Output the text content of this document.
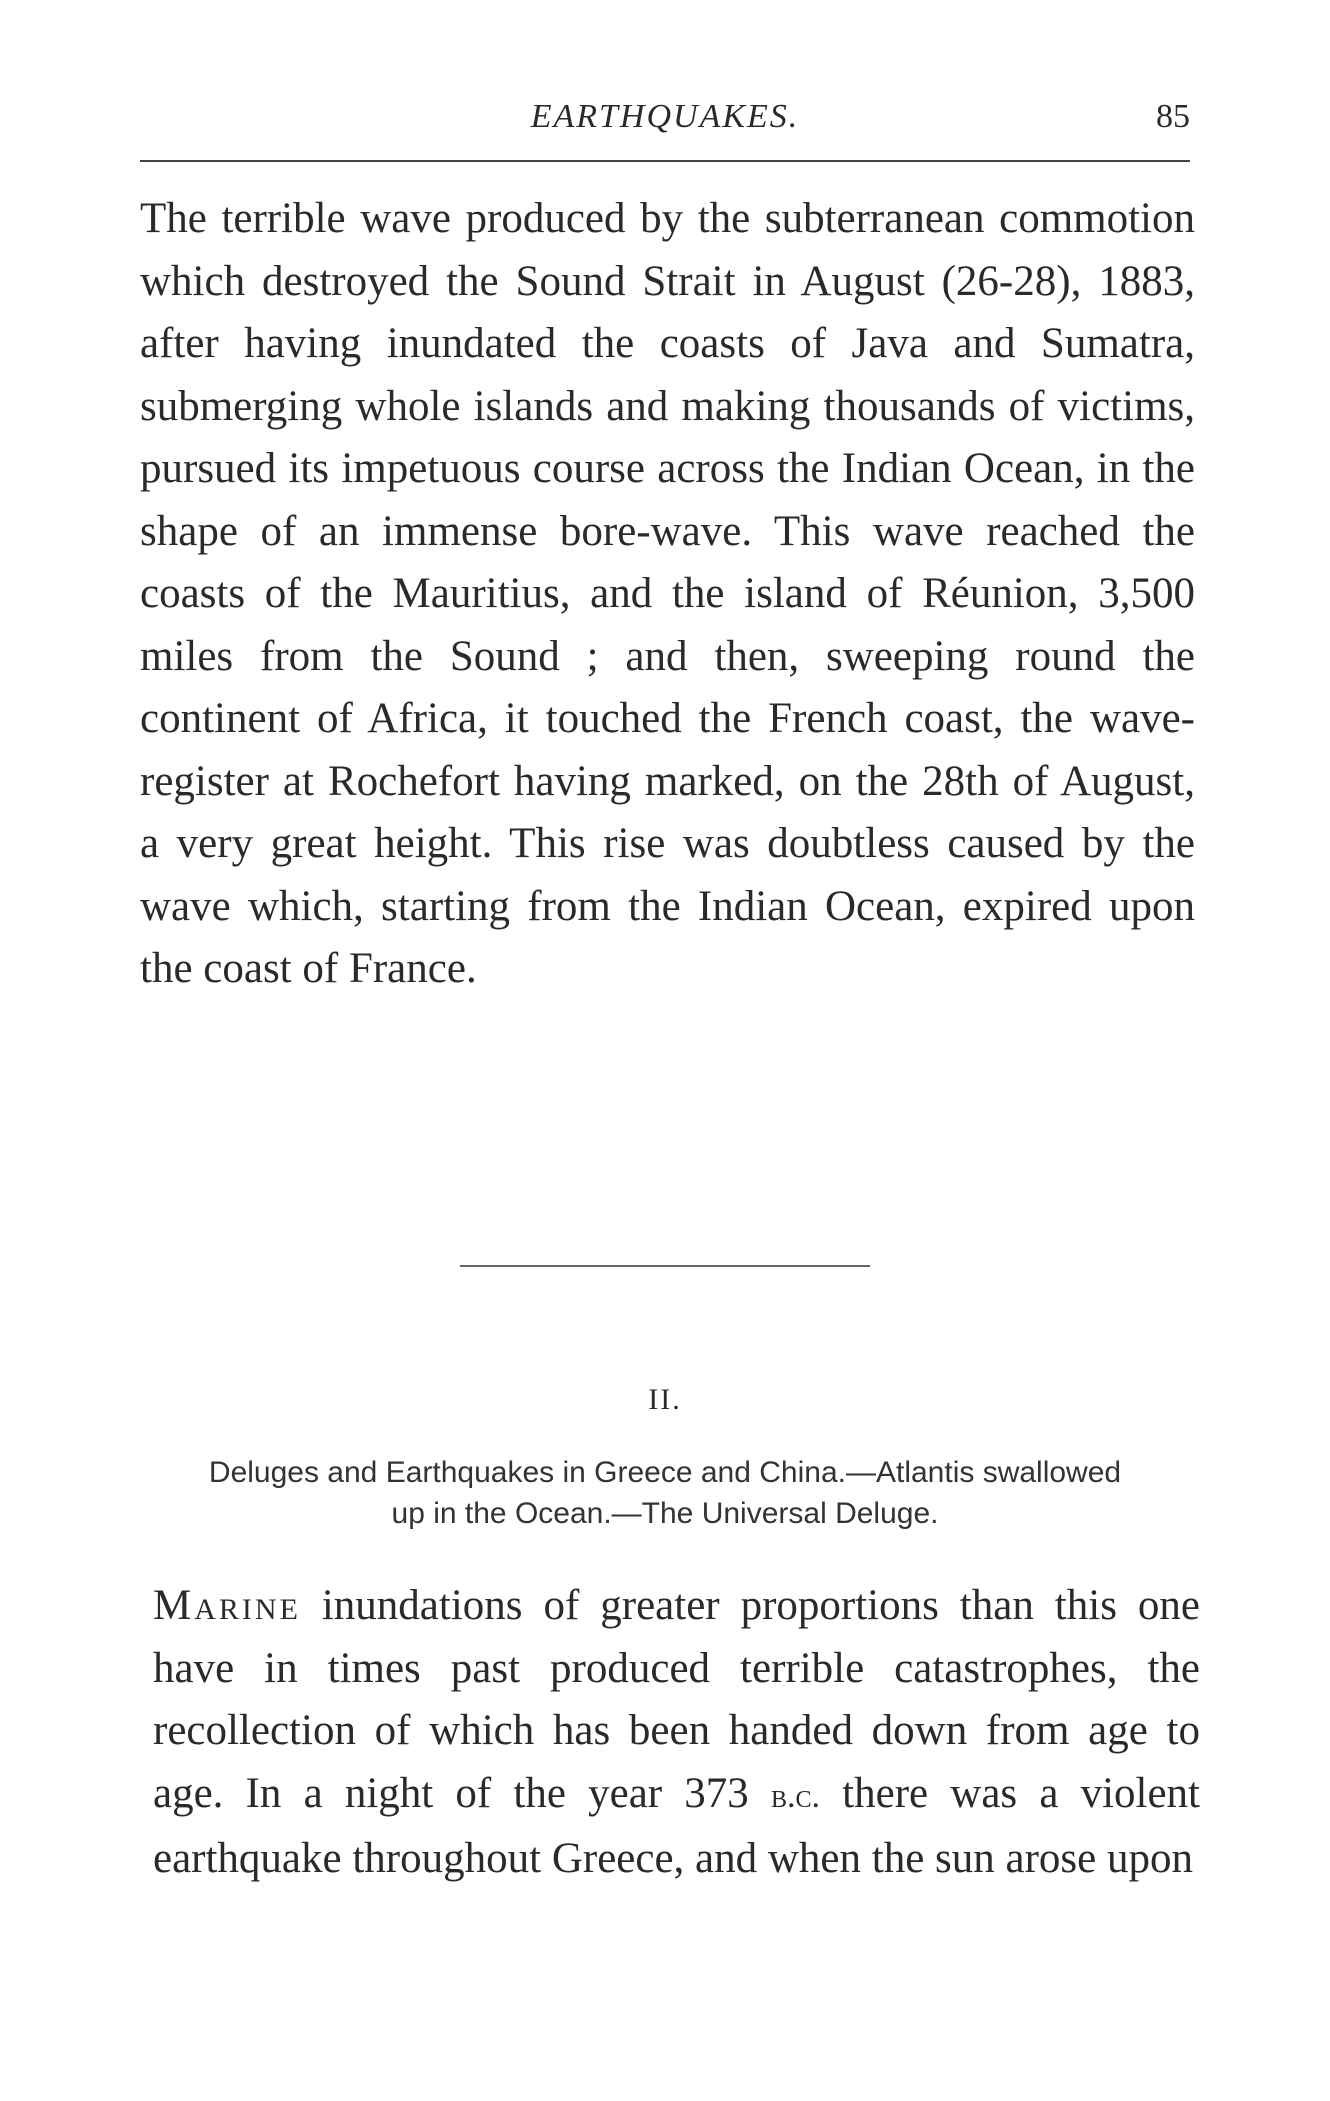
EARTHQUAKES.	85

The terrible wave produced by the subterranean commotion which destroyed the Sound Strait in August (26-28), 1883, after having inundated the coasts of Java and Sumatra, submerging whole islands and making thousands of victims, pursued its impetuous course across the Indian Ocean, in the shape of an immense bore-wave. This wave reached the coasts of the Mauritius, and the island of Réunion, 3,500 miles from the Sound ; and then, sweeping round the continent of Africa, it touched the French coast, the wave-register at Rochefort having marked, on the 28th of August, a very great height. This rise was doubtless caused by the wave which, starting from the Indian Ocean, expired upon the coast of France.

II.
Deluges and Earthquakes in Greece and China.—Atlantis swallowed up in the Ocean.—The Universal Deluge.

Marine inundations of greater proportions than this one have in times past produced terrible catastrophes, the recollection of which has been handed down from age to age. In a night of the year 373 b.c. there was a violent earthquake throughout Greece, and when the sun arose upon
